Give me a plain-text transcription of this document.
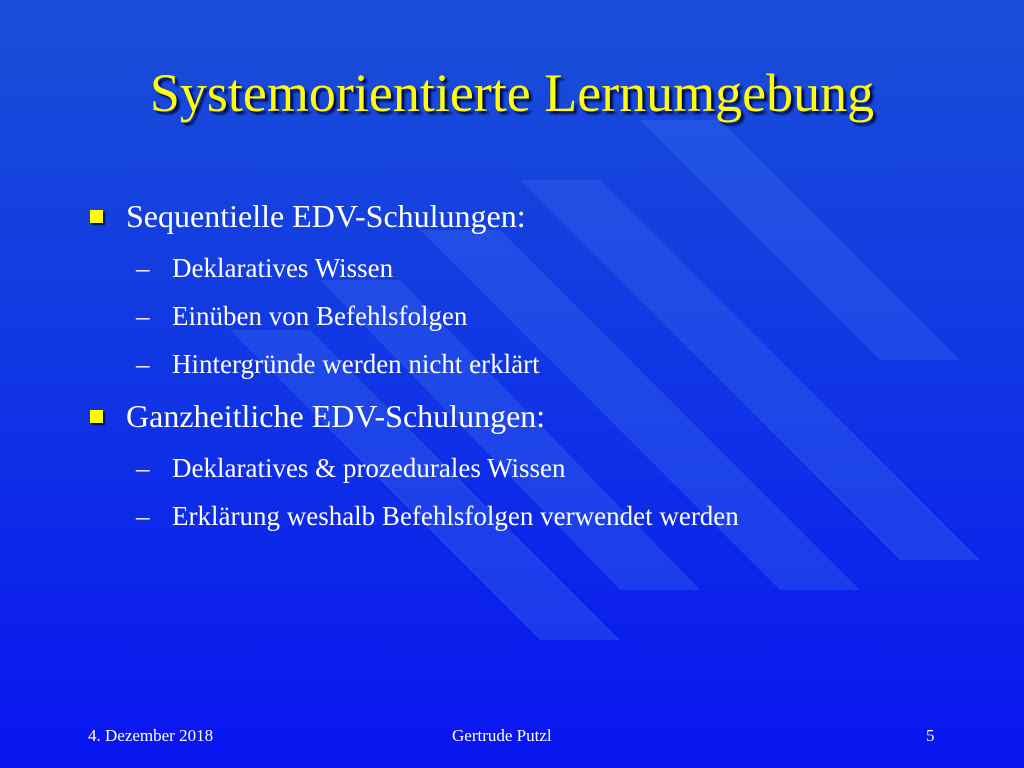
Systemorientierte Lernumgebung
Sequentielle EDV-Schulungen:
– Deklaratives Wissen
– Einüben von Befehlsfolgen
– Hintergründe werden nicht erklärt
Ganzheitliche EDV-Schulungen:
– Deklaratives & prozedurales Wissen
– Erklärung weshalb Befehlsfolgen verwendet werden
4. Dezember 2018	Gertrude Putzl	5
